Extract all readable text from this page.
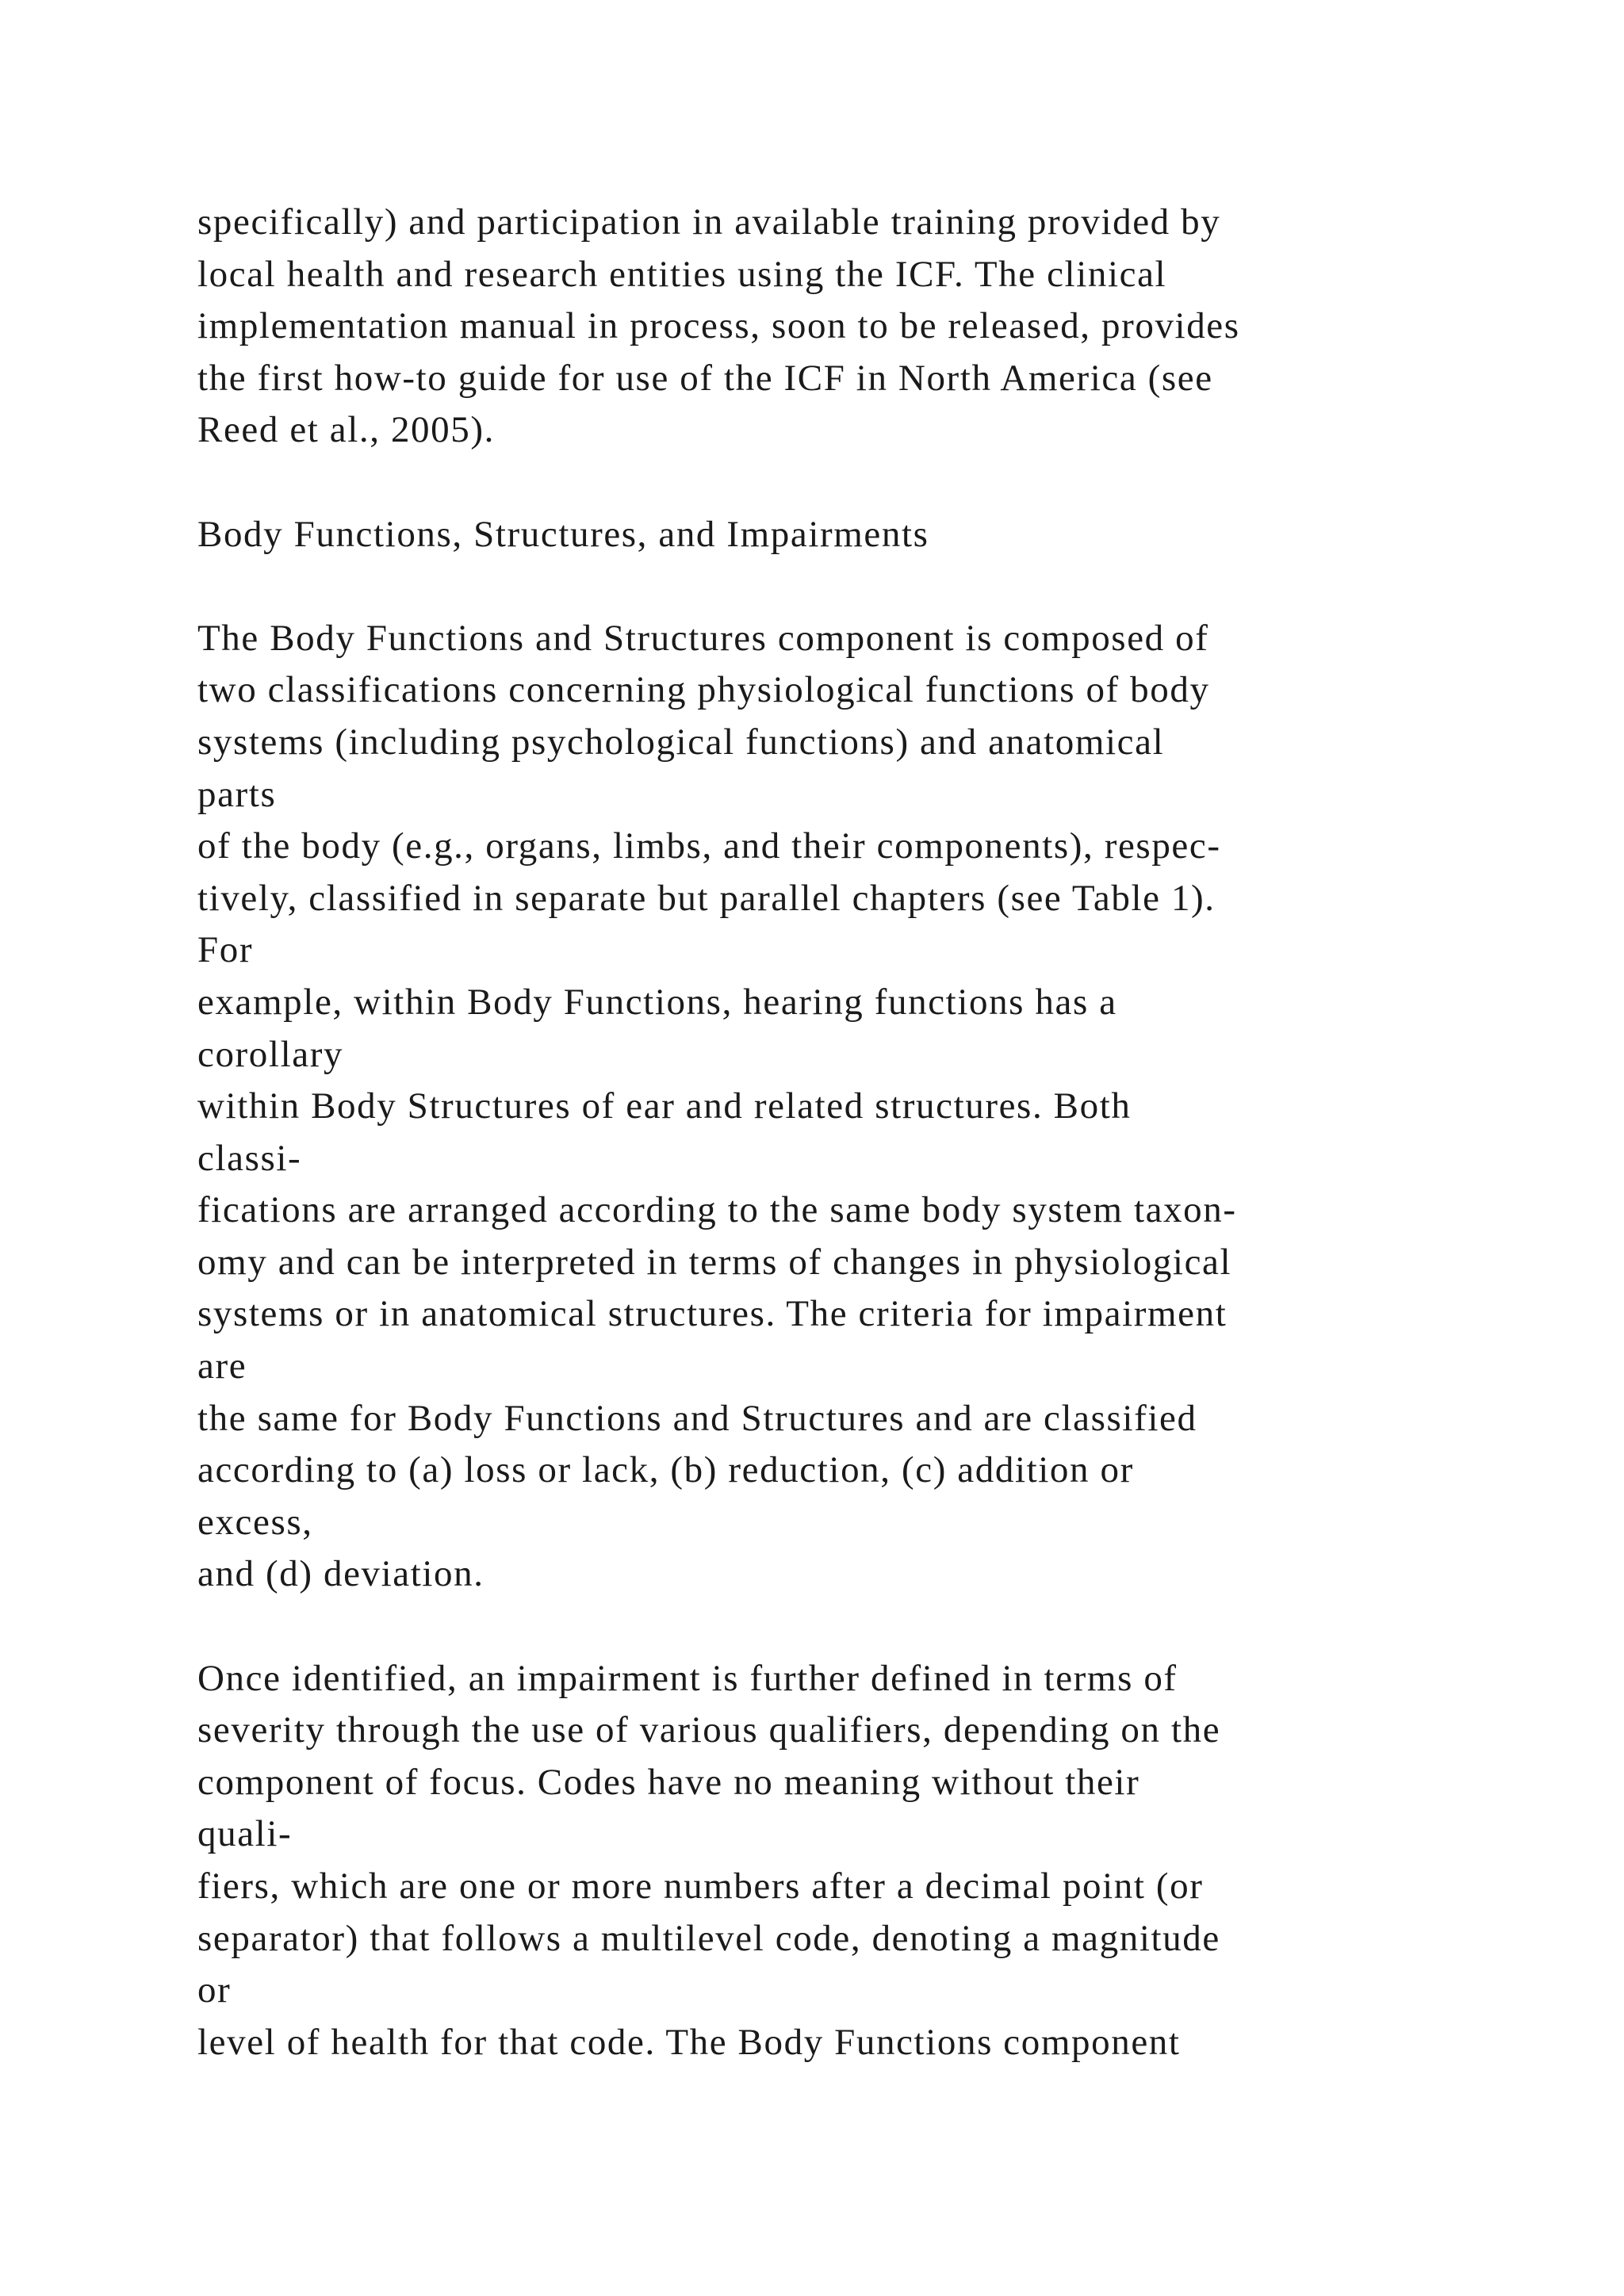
specifically) and participation in available training provided by
local health and research entities using the ICF. The clinical
implementation manual in process, soon to be released, provides
the first how-to guide for use of the ICF in North America (see
Reed et al., 2005).
Body Functions, Structures, and Impairments
The Body Functions and Structures component is composed of
two classifications concerning physiological functions of body
systems (including psychological functions) and anatomical
parts
of the body (e.g., organs, limbs, and their components), respec-
tively, classified in separate but parallel chapters (see Table 1).
For
example, within Body Functions, hearing functions has a
corollary
within Body Structures of ear and related structures. Both
classi-
fications are arranged according to the same body system taxon-
omy and can be interpreted in terms of changes in physiological
systems or in anatomical structures. The criteria for impairment
are
the same for Body Functions and Structures and are classified
according to (a) loss or lack, (b) reduction, (c) addition or
excess,
and (d) deviation.
Once identified, an impairment is further defined in terms of
severity through the use of various qualifiers, depending on the
component of focus. Codes have no meaning without their
quali-
fiers, which are one or more numbers after a decimal point (or
separator) that follows a multilevel code, denoting a magnitude
or
level of health for that code. The Body Functions component
